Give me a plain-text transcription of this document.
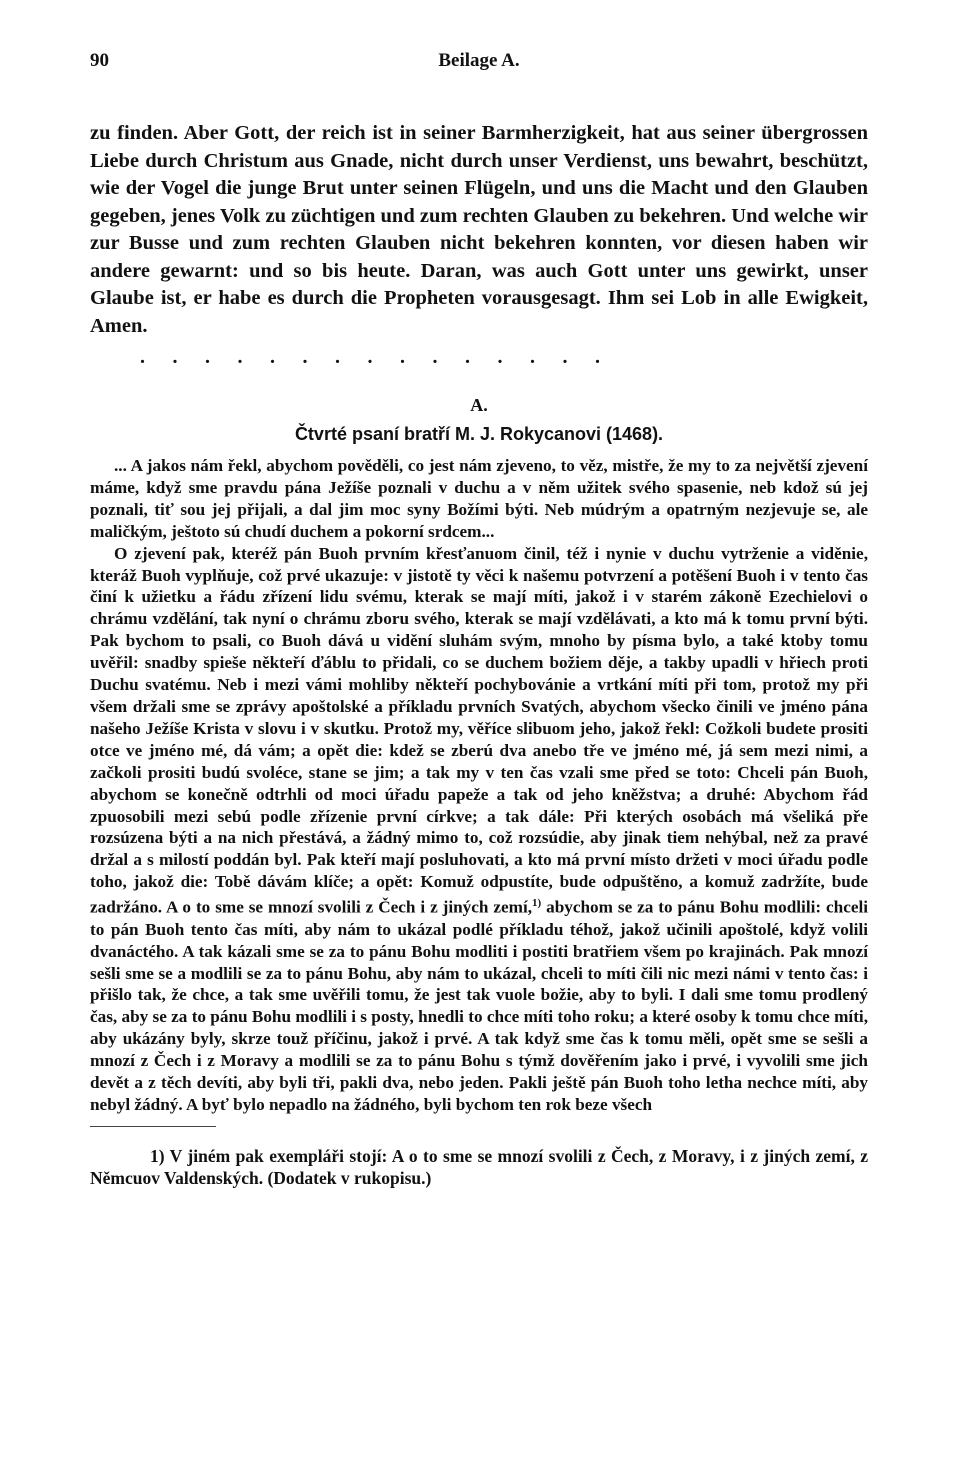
90	Beilage A.

zu finden. Aber Gott, der reich ist in seiner Barmherzigkeit, hat aus seiner übergrossen Liebe durch Christum aus Gnade, nicht durch unser Verdienst, uns bewahrt, beschützt, wie der Vogel die junge Brut unter seinen Flügeln, und uns die Macht und den Glauben gegeben, jenes Volk zu züchtigen und zum rechten Glauben zu bekehren. Und welche wir zur Busse und zum rechten Glauben nicht bekehren konnten, vor diesen haben wir andere gewarnt: und so bis heute. Daran, was auch Gott unter uns gewirkt, unser Glaube ist, er habe es durch die Propheten vorausgesagt. Ihm sei Lob in alle Ewigkeit, Amen.

. . . . . . . . . . . . . . .
A.
Čtvrté psaní bratří M. J. Rokycanovi (1468).

... A jakos nám řekl, abychom pověděli, co jest nám zjeveno, to věz, mistře, že my to za největší zjevení máme, když sme pravdu pána Ježíše poznali v duchu a v něm užitek svého spasenie, neb kdož sú jej poznali, tiť sou jej přijali, a dal jim moc syny Božími býti. Neb múdrým a opatrným nezjevuje se, ale maličkým, ještoto sú chudí duchem a pokorní srdcem...

O zjevení pak, kteréž pán Buoh prvním křesťanuom činil, též i nynie v duchu vytrženie a viděnie, kteráž Buoh vyplňuje, což prvé ukazuje: v jistotě ty věci k našemu potvrzení a potěšení Buoh i v tento čas činí k užietku a řádu zřízení lidu svému, kterak se mají míti, jakož i v starém zákoně Ezechielovi o chrámu vzdělání, tak nyní o chrámu zboru svého, kterak se mají vzdělávati, a kto má k tomu první býti. Pak bychom to psali, co Buoh dává u vidění sluhám svým, mnoho by písma bylo, a také ktoby tomu uvěřil: snadby spieše někteří ďáblu to přidali, co se duchem božiem děje, a takby upadli v hřiech proti Duchu svatému. Neb i mezi vámi mohliby někteří pochybovánie a vrtkání míti při tom, protož my při všem držali sme se zprávy apoštolské a příkladu prvních Svatých, abychom všecko činili ve jméno pána našeho Ježíše Krista v slovu i v skutku. Protož my, věříce slibuom jeho, jakož řekl: Cožkoli budete prositi otce ve jméno mé, dá vám; a opět die: kdež se zberú dva anebo tře ve jméno mé, já sem mezi nimi, a začkoli prositi budú svoléce, stane se jim; a tak my v ten čas vzali sme před se toto: Chceli pán Buoh, abychom se konečně odtrhli od moci úřadu papeže a tak od jeho kněžstva; a druhé: Abychom řád zpuosobili mezi sebú podle zřízenie první církve; a tak dále: Při kterých osobách má všeliká pře rozsúzena býti a na nich přestává, a žádný mimo to, což rozsúdie, aby jinak tiem nehýbal, než za pravé držal a s milostí poddán byl. Pak kteří mají posluhovati, a kto má první místo držeti v moci úřadu podle toho, jakož die: Tobě dávám klíče; a opět: Komuž odpustíte, bude odpuštěno, a komuž zadržíte, bude zadržáno. A o to sme se mnozí svolili z Čech i z jiných zemí,$^{1)}$ abychom se za to pánu Bohu modlili: chceli to pán Buoh tento čas míti, aby nám to ukázal podlé příkladu téhož, jakož učinili apoštolé, když volili dvanáctého. A tak kázali sme se za to pánu Bohu modliti i postiti bratřiem všem po krajinách. Pak mnozí sešli sme se a modlili se za to pánu Bohu, aby nám to ukázal, chceli to míti čili nic mezi námi v tento čas: i přišlo tak, že chce, a tak sme uvěřili tomu, že jest tak vuole božie, aby to byli. I dali sme tomu prodlený čas, aby se za to pánu Bohu modlili i s posty, hnedli to chce míti toho roku; a které osoby k tomu chce míti, aby ukázány byly, skrze touž příčinu, jakož i prvé. A tak když sme čas k tomu měli, opět sme se sešli a mnozí z Čech i z Moravy a modlili se za to pánu Bohu s týmž dověřením jako i prvé, i vyvolili sme jich devět a z těch devíti, aby byli tři, pakli dva, nebo jeden. Pakli ještě pán Buoh toho letha nechce míti, aby nebyl žádný. A byť bylo nepadlo na žádného, byli bychom ten rok beze všech

1) V jiném pak exempláři stojí: A o to sme se mnozí svolili z Čech, z Moravy, i z jiných zemí, z Němcuov Valdenských. (Dodatek v rukopisu.)
